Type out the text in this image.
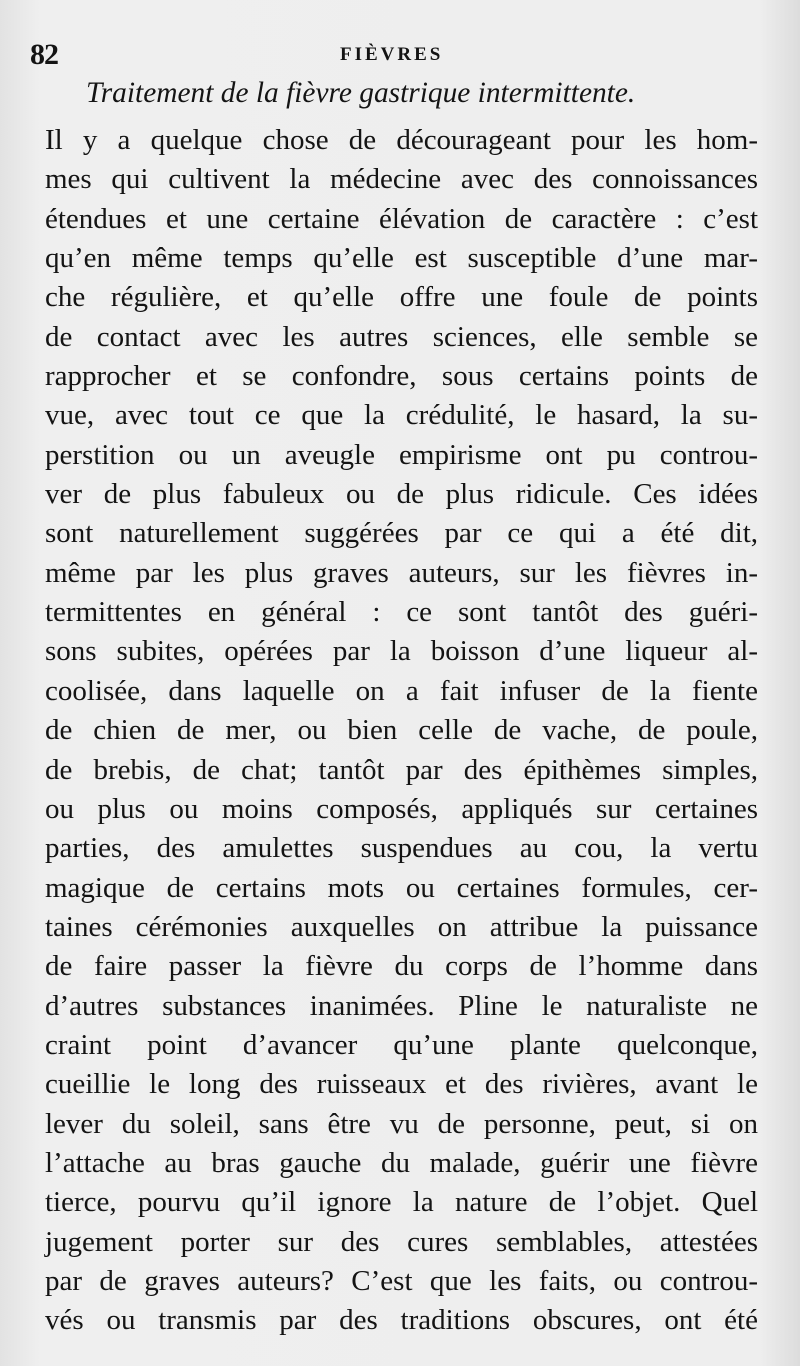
82	FIÈVRES
Traitement de la fièvre gastrique intermittente.
Il y a quelque chose de décourageant pour les hom-
mes qui cultivent la médecine avec des connoissances
étendues et une certaine élévation de caractère : c’est
qu’en même temps qu’elle est susceptible d’une mar-
che régulière, et qu’elle offre une foule de points
de contact avec les autres sciences, elle semble se
rapprocher et se confondre, sous certains points de
vue, avec tout ce que la crédulité, le hasard, la su-
perstition ou un aveugle empirisme ont pu controu-
ver de plus fabuleux ou de plus ridicule. Ces idées
sont naturellement suggérées par ce qui a été dit,
même par les plus graves auteurs, sur les fièvres in-
termittentes en général : ce sont tantôt des guéri-
sons subites, opérées par la boisson d’une liqueur al-
coolisée, dans laquelle on a fait infuser de la fiente
de chien de mer, ou bien celle de vache, de poule,
de brebis, de chat; tantôt par des épithèmes simples,
ou plus ou moins composés, appliqués sur certaines
parties, des amulettes suspendues au cou, la vertu
magique de certains mots ou certaines formules, cer-
taines cérémonies auxquelles on attribue la puissance
de faire passer la fièvre du corps de l’homme dans
d’autres substances inanimées. Pline le naturaliste ne
craint point d’avancer qu’une plante quelconque,
cueillie le long des ruisseaux et des rivières, avant le
lever du soleil, sans être vu de personne, peut, si on
l’attache au bras gauche du malade, guérir une fièvre
tierce, pourvu qu’il ignore la nature de l’objet. Quel
jugement porter sur des cures semblables, attestées
par de graves auteurs? C’est que les faits, ou controu-
vés ou transmis par des traditions obscures, ont été
